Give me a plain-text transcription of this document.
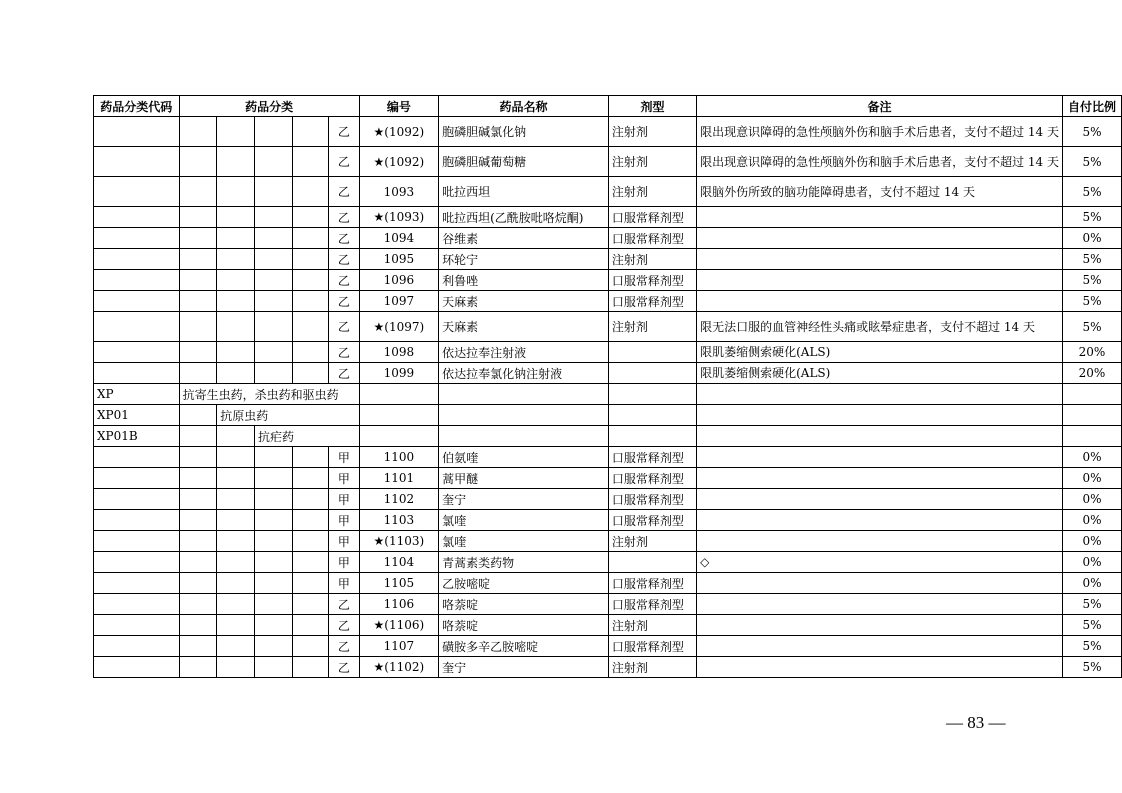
药品分类代码	药品分类					编号	药品名称	剂型	备注	自付比例
					乙	★(1092)	胞磷胆碱氯化钠	注射剂	限出现意识障碍的急性颅脑外伤和脑手术后患者，支付不超过 14 天	5%
					乙	★(1092)	胞磷胆碱葡萄糖	注射剂	限出现意识障碍的急性颅脑外伤和脑手术后患者，支付不超过 14 天	5%
					乙	1093	吡拉西坦	注射剂	限脑外伤所致的脑功能障碍患者，支付不超过 14 天	5%
					乙	★(1093)	吡拉西坦(乙酰胺吡咯烷酮)	口服常释剂型		5%
					乙	1094	谷维素	口服常释剂型		0%
					乙	1095	环轮宁	注射剂		5%
					乙	1096	利鲁唑	口服常释剂型		5%
					乙	1097	天麻素	口服常释剂型		5%
					乙	★(1097)	天麻素	注射剂	限无法口服的血管神经性头痛或眩晕症患者，支付不超过 14 天	5%
					乙	1098	依达拉奉注射液		限肌萎缩侧索硬化(ALS)	20%
					乙	1099	依达拉奉氯化钠注射液		限肌萎缩侧索硬化(ALS)	20%
XP	抗寄生虫药，杀虫药和驱虫药									
XP01		抗原虫药								
XP01B			抗疟药							
					甲	1100	伯氨喹	口服常释剂型		0%
					甲	1101	蒿甲醚	口服常释剂型		0%
					甲	1102	奎宁	口服常释剂型		0%
					甲	1103	氯喹	口服常释剂型		0%
					甲	★(1103)	氯喹	注射剂		0%
					甲	1104	青蒿素类药物		◇	0%
					甲	1105	乙胺嘧啶	口服常释剂型		0%
					乙	1106	咯萘啶	口服常释剂型		5%
					乙	★(1106)	咯萘啶	注射剂		5%
					乙	1107	磺胺多辛乙胺嘧啶	口服常释剂型		5%
					乙	★(1102)	奎宁	注射剂		5%
— 83 —
